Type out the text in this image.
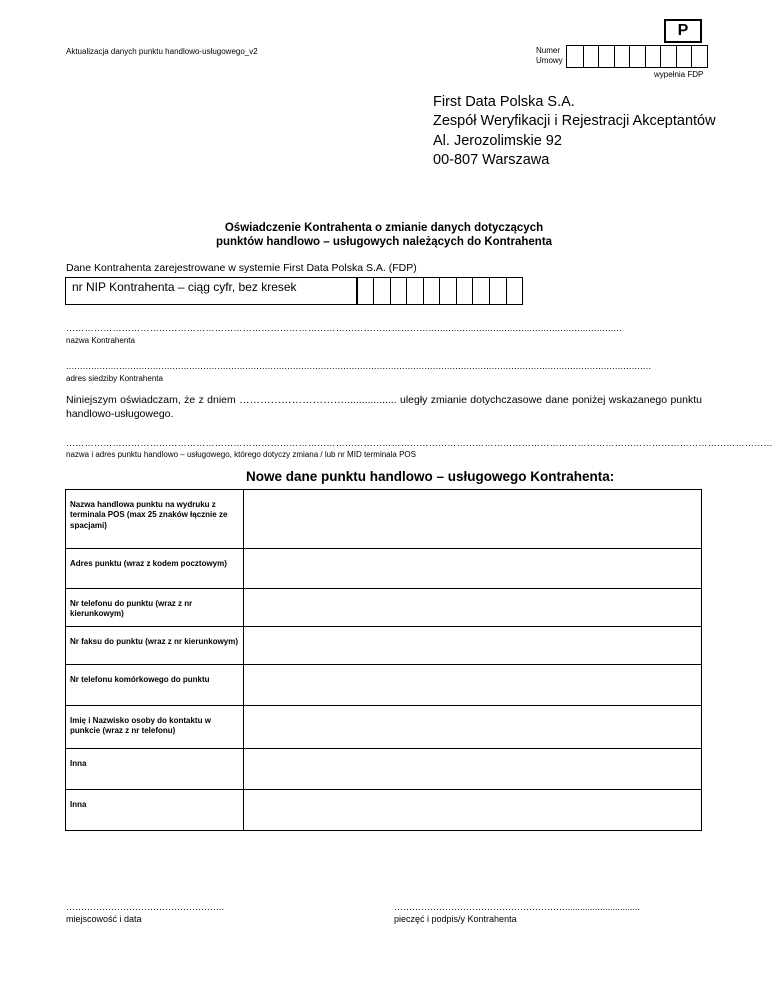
Aktualizacja danych punktu handlowo-usługowego_v2
P
Numer
Umowy
wypełnia FDP
First Data Polska S.A.
Zespół Weryfikacji i Rejestracji Akceptantów
Al. Jerozolimskie 92
00-807 Warszawa
Oświadczenie Kontrahenta o zmianie danych dotyczących
punktów handlowo – usługowych należących do Kontrahenta
Dane Kontrahenta zarejestrowane w systemie First Data Polska S.A. (FDP)
nr NIP Kontrahenta – ciąg cyfr, bez kresek
……………………………………………………………………………………………………….....................................................................
nazwa Kontrahenta
.................................................................................................................................................................................................................
adres siedziby Kontrahenta
Niniejszym oświadczam, że z dniem ………………………….................. uległy zmianie dotychczasowe dane poniżej wskazanego punktu handlowo-usługowego.
…………………………………………………………………………………………………………………………………………………………………………………………………………
nazwa i adres punktu handlowo – usługowego, którego dotyczy zmiana / lub nr MID terminala POS
Nowe dane punktu handlowo – usługowego Kontrahenta:
Nazwa handlowa punktu na wydruku z terminala POS (max 25 znaków łącznie ze spacjami)	
Adres punktu (wraz z kodem pocztowym)	
Nr telefonu do punktu (wraz z nr kierunkowym)	
Nr faksu do punktu (wraz z nr kierunkowym)	
Nr telefonu komórkowego do punktu	
Imię i Nazwisko osoby do kontaktu w punkcie (wraz z nr telefonu)	
Inna	
Inna	
……………………………………………..
miejscowość i data
…………………………………………………..............................
pieczęć i podpis/y Kontrahenta
